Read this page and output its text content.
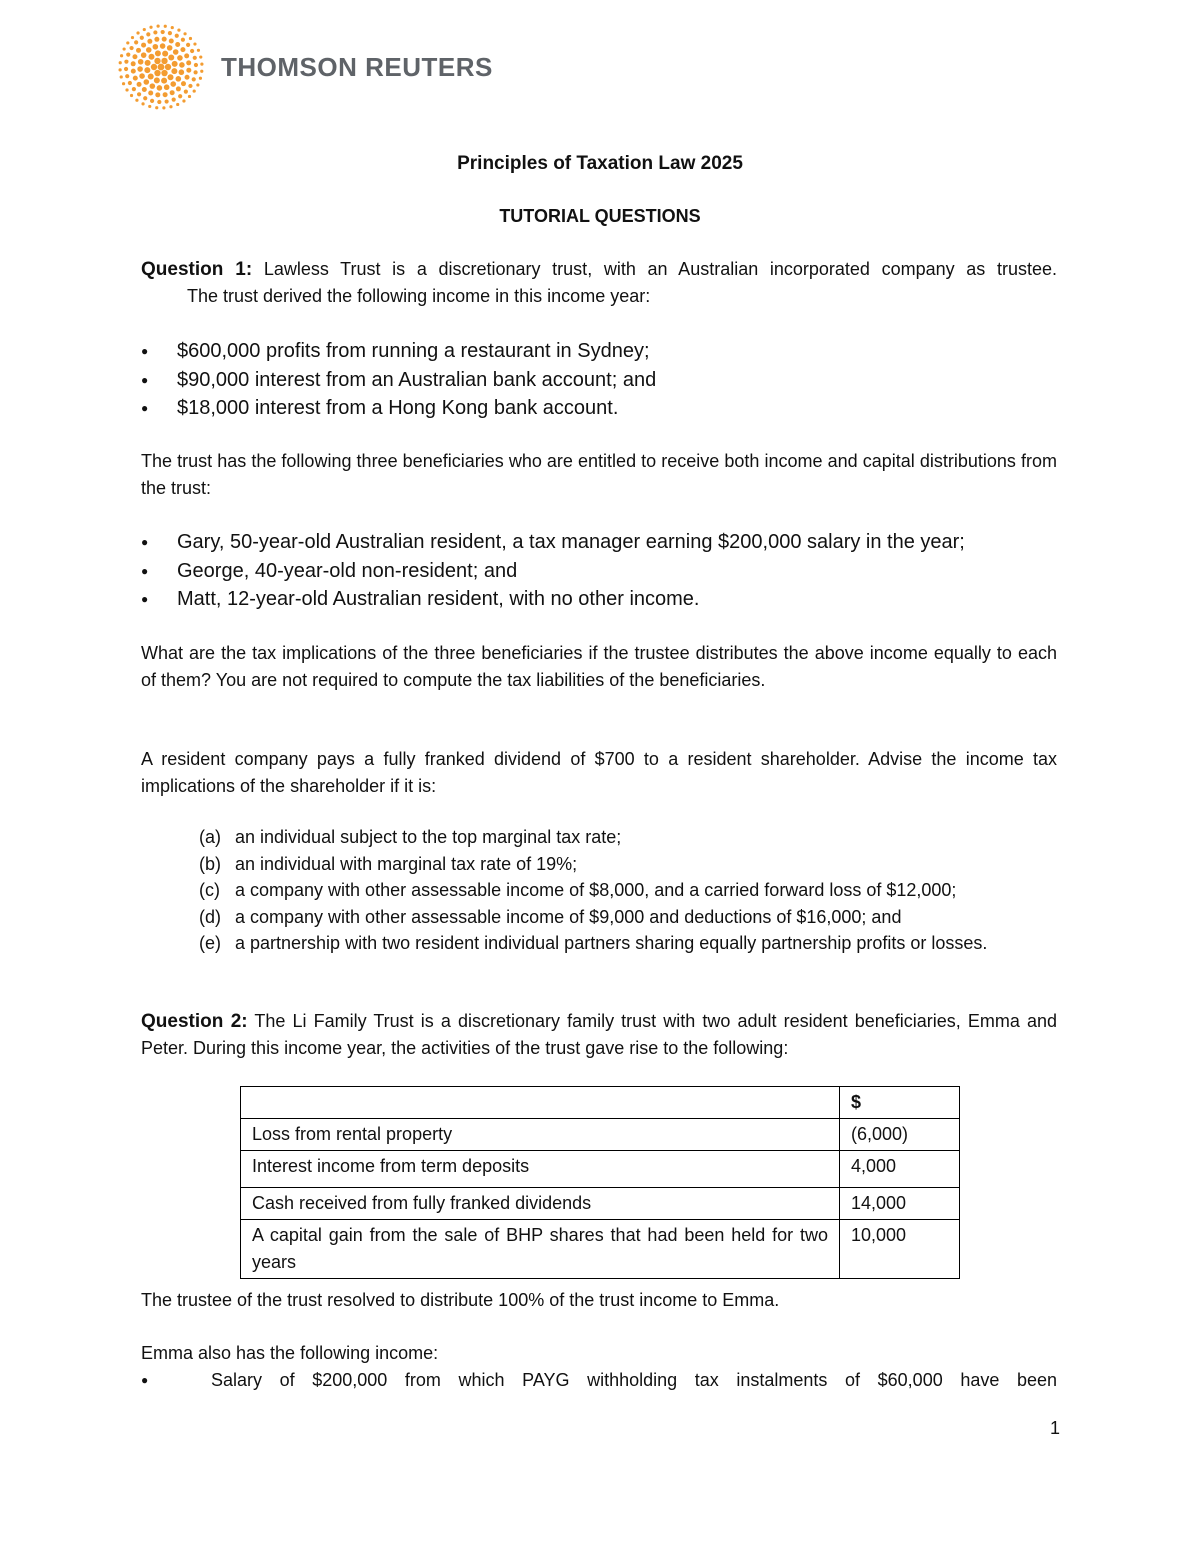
THOMSON REUTERS
Principles of Taxation Law 2025
TUTORIAL QUESTIONS
Question 1: Lawless Trust is a discretionary trust, with an Australian incorporated company as trustee.
The trust derived the following income in this income year:
● $600,000 profits from running a restaurant in Sydney;
● $90,000 interest from an Australian bank account; and
● $18,000 interest from a Hong Kong bank account.
The trust has the following three beneficiaries who are entitled to receive both income and capital distributions from the trust:
● Gary, 50-year-old Australian resident, a tax manager earning $200,000 salary in the year;
● George, 40-year-old non-resident; and
● Matt, 12-year-old Australian resident, with no other income.
What are the tax implications of the three beneficiaries if the trustee distributes the above income equally to each of them? You are not required to compute the tax liabilities of the beneficiaries.
A resident company pays a fully franked dividend of $700 to a resident shareholder. Advise the income tax implications of the shareholder if it is:
(a) an individual subject to the top marginal tax rate;
(b) an individual with marginal tax rate of 19%;
(c) a company with other assessable income of $8,000, and a carried forward loss of $12,000;
(d) a company with other assessable income of $9,000 and deductions of $16,000; and
(e) a partnership with two resident individual partners sharing equally partnership profits or losses.
Question 2: The Li Family Trust is a discretionary family trust with two adult resident beneficiaries, Emma and Peter. During this income year, the activities of the trust gave rise to the following:
	$
Loss from rental property	(6,000)
Interest income from term deposits	4,000
Cash received from fully franked dividends	14,000
A capital gain from the sale of BHP shares that had been held for two years	10,000
The trustee of the trust resolved to distribute 100% of the trust income to Emma.
Emma also has the following income:
●	Salary of $200,000 from which PAYG withholding tax instalments of $60,000 have been
1
